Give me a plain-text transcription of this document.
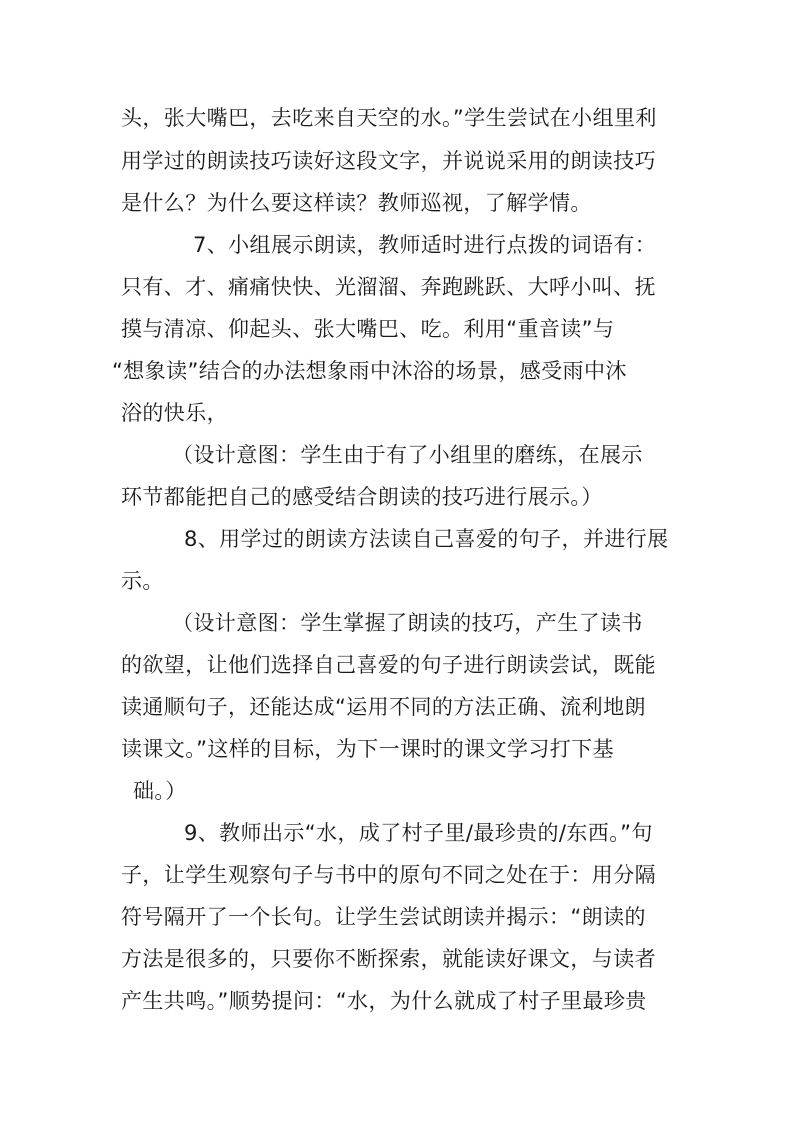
头，张大嘴巴，去吃来自天空的水。”学生尝试在小组里利
用学过的朗读技巧读好这段文字，并说说采用的朗读技巧
是什么？为什么要这样读？教师巡视，了解学情。
7、小组展示朗读，教师适时进行点拨的词语有：
只有、才、痛痛快快、光溜溜、奔跑跳跃、大呼小叫、抚
摸与清凉、仰起头、张大嘴巴、吃。利用“重音读”与
“想象读”结合的办法想象雨中沐浴的场景，感受雨中沐
浴的快乐，
（设计意图：学生由于有了小组里的磨练，在展示
环节都能把自己的感受结合朗读的技巧进行展示。）
8、用学过的朗读方法读自己喜爱的句子，并进行展
示。
（设计意图：学生掌握了朗读的技巧，产生了读书
的欲望，让他们选择自己喜爱的句子进行朗读尝试，既能
读通顺句子，还能达成“运用不同的方法正确、流利地朗
读课文。”这样的目标，为下一课时的课文学习打下基
础。）
9、教师出示“水，成了村子里/最珍贵的/东西。”句
子，让学生观察句子与书中的原句不同之处在于：用分隔
符号隔开了一个长句。让学生尝试朗读并揭示：“朗读的
方法是很多的，只要你不断探索，就能读好课文，与读者
产生共鸣。”顺势提问：“水，为什么就成了村子里最珍贵
